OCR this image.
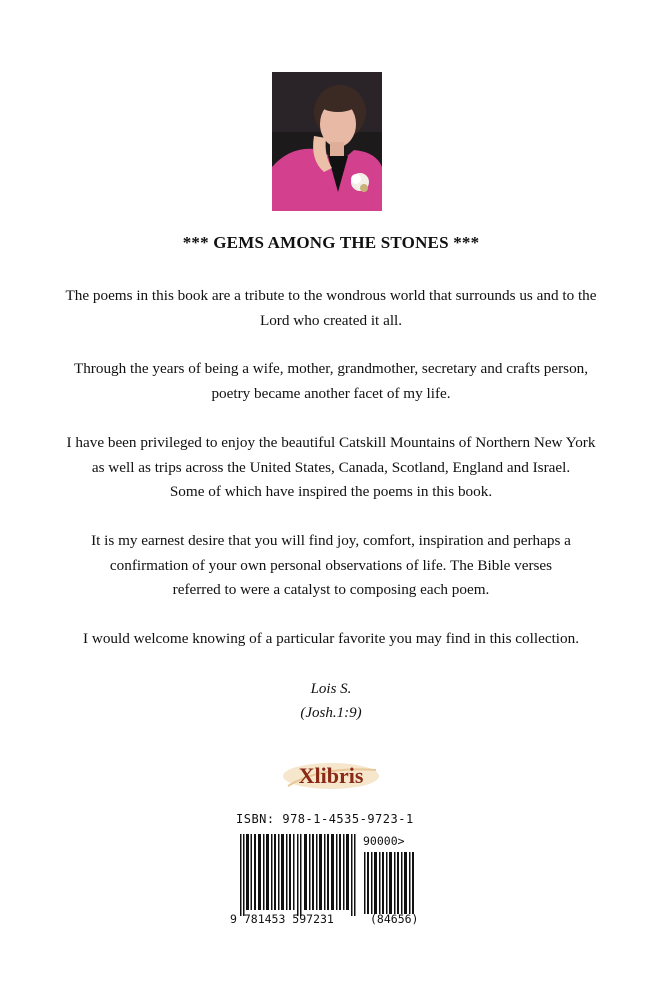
*** GEMS AMONG THE STONES ***
The poems in this book are a tribute to the wondrous world that surrounds us and to the
Lord who created it all.
Through the years of being a wife, mother, grandmother, secretary and crafts person,
poetry became another facet of my life.
I have been privileged to enjoy the beautiful Catskill Mountains of Northern New York
as well as trips across the United States, Canada, Scotland, England and Israel.
Some of which have inspired the poems in this book.
It is my earnest desire that you will find joy, comfort, inspiration and perhaps a
confirmation of your own personal observations of life. The Bible verses
referred to were a catalyst to composing each poem.
I would welcome knowing of a particular favorite you may find in this collection.
Lois S.
(Josh.1:9)
Xlibris
ISBN: 978-1-4535-9723-1
90000>
9 781453 597231	(84656)
